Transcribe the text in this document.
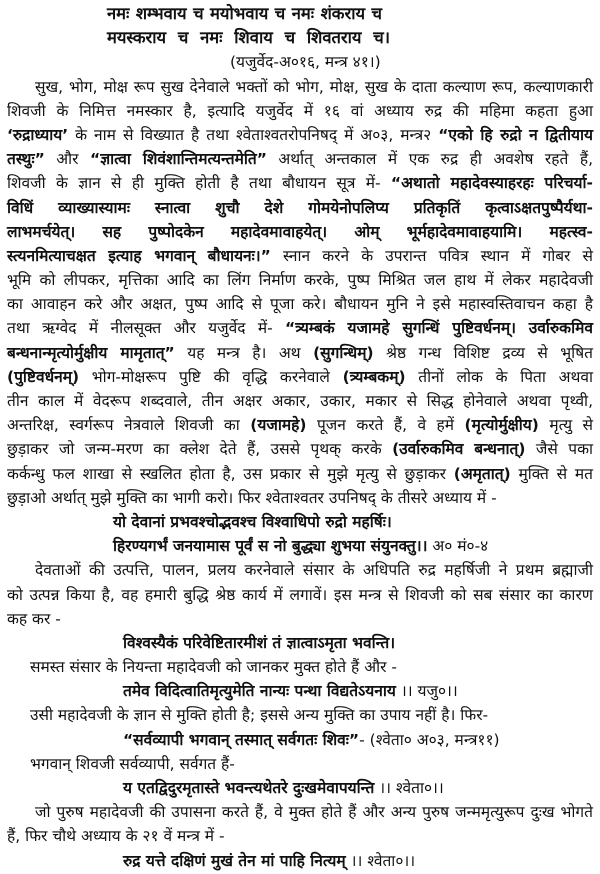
नमः शम्भवाय च मयोभवाय च नमः शंकराय च
मयस्कराय च नमः शिवाय च शिवतराय च।
(यजुर्वेद-अ०१६, मन्त्र ४१।)
सुख, भोग, मोक्ष रूप सुख देनेवाले भक्तों को भोग, मोक्ष, सुख के दाता कल्याण रूप, कल्याणकारी
शिवजी के निमित्त नमस्कार है, इत्यादि यजुर्वेद में १६ वां अध्याय रुद्र की महिमा कहता हुआ
‘रुद्राध्याय’ के नाम से विख्यात है तथा श्वेताश्वतरोपनिषद् में अ०३, मन्त्र२ “एको हि रुद्रो न द्वितीयाय
तस्थुः” और “ज्ञात्वा शिवंशान्तिमत्यन्तमेति” अर्थात् अन्तकाल में एक रुद्र ही अवशेष रहते हैं,
शिवजी के ज्ञान से ही मुक्ति होती है तथा बौधायन सूत्र में- “अथातो महादेवस्याहरहः परिचर्या-
विधिं व्याख्यास्यामः स्नात्वा शुचौ देशे गोमयेनोपलिप्य प्रतिकृतिं कृत्वाऽक्षतपुष्पैर्यथा-
लाभमर्चयेत्। सह पुष्पोदकेन महादेवमावाहयेत्। ओम् भूर्महादेवमावाहयामि। महत्स्व-
स्त्यनमित्याचक्षत इत्याह भगवान् बौधायनः।” स्नान करने के उपरान्त पवित्र स्थान में गोबर से
भूमि को लीपकर, मृत्तिका आदि का लिंग निर्माण करके, पुष्प मिश्रित जल हाथ में लेकर महादेवजी
का आवाहन करे और अक्षत, पुष्प आदि से पूजा करे। बौधायन मुनि ने इसे महास्वस्तिवाचन कहा है
तथा ऋग्वेद में नीलसूक्त और यजुर्वेद में- “त्र्यम्बकं यजामहे सुगन्धिं पुष्टिवर्धनम्। उर्वारुकमिव
बन्धनान्मृत्योर्मुक्षीय मामृतात्” यह मन्त्र है। अथ (सुगन्धिम्) श्रेष्ठ गन्ध विशिष्ट द्रव्य से भूषित
(पुष्टिवर्धनम्) भोग-मोक्षरूप पुष्टि की वृद्धि करनेवाले (त्र्यम्बकम्) तीनों लोक के पिता अथवा
तीन काल में वेदरूप शब्दवाले, तीन अक्षर अकार, उकार, मकार से सिद्ध होनेवाले अथवा पृथ्वी,
अन्तरिक्ष, स्वर्गरूप नेत्रवाले शिवजी का (यजामहे) पूजन करते हैं, वे हमें (मृत्योर्मुक्षीय) मृत्यु से
छुड़ाकर जो जन्म-मरण का क्लेश देते हैं, उससे पृथक् करके (उर्वारुकमिव बन्धनात्) जैसे पका
कर्कन्धु फल शाखा से स्खलित होता है, उस प्रकार से मुझे मृत्यु से छुड़ाकर (अमृतात्) मुक्ति से मत
छुड़ाओ अर्थात् मुझे मुक्ति का भागी करो। फिर श्वेताश्वतर उपनिषद् के तीसरे अध्याय में -
यो देवानां प्रभवश्चोद्भवश्च विश्वाधिपो रुद्रो महर्षिः।
हिरण्यगर्भं जनयामास पूर्वं स नो बुद्ध्या शुभया संयुनक्तु।। अ० मं०-४
देवताओं की उत्पत्ति, पालन, प्रलय करनेवाले संसार के अधिपति रुद्र महर्षिजी ने प्रथम ब्रह्माजी
को उत्पन्न किया है, वह हमारी बुद्धि श्रेष्ठ कार्य में लगावें। इस मन्त्र से शिवजी को सब संसार का कारण
कह कर -
विश्वस्यैकं परिवेष्टितारमीशं तं ज्ञात्वाऽमृता भवन्ति।
समस्त संसार के नियन्ता महादेवजी को जानकर मुक्त होते हैं और -
तमेव विदित्वातिमृत्युमेति नान्यः पन्था विद्यतेऽयनाय ।। यजु०।।
उसी महादेवजी के ज्ञान से मुक्ति होती है; इससे अन्य मुक्ति का उपाय नहीं है। फिर-
“सर्वव्यापी भगवान् तस्मात् सर्वगतः शिवः”- (श्वेता० अ०३, मन्त्र११)
भगवान् शिवजी सर्वव्यापी, सर्वगत हैं-
य एतद्विदुरमृतास्ते भवन्त्यथेतरे दुःखमेवापयन्ति ।। श्वेता०।।
जो पुरुष महादेवजी की उपासना करते हैं, वे मुक्त होते हैं और अन्य पुरुष जन्ममृत्युरूप दुःख भोगते
हैं, फिर चौथे अध्याय के २१ वें मन्त्र में -
रुद्र यत्ते दक्षिणं मुखं तेन मां पाहि नित्यम् ।। श्वेता०।।
